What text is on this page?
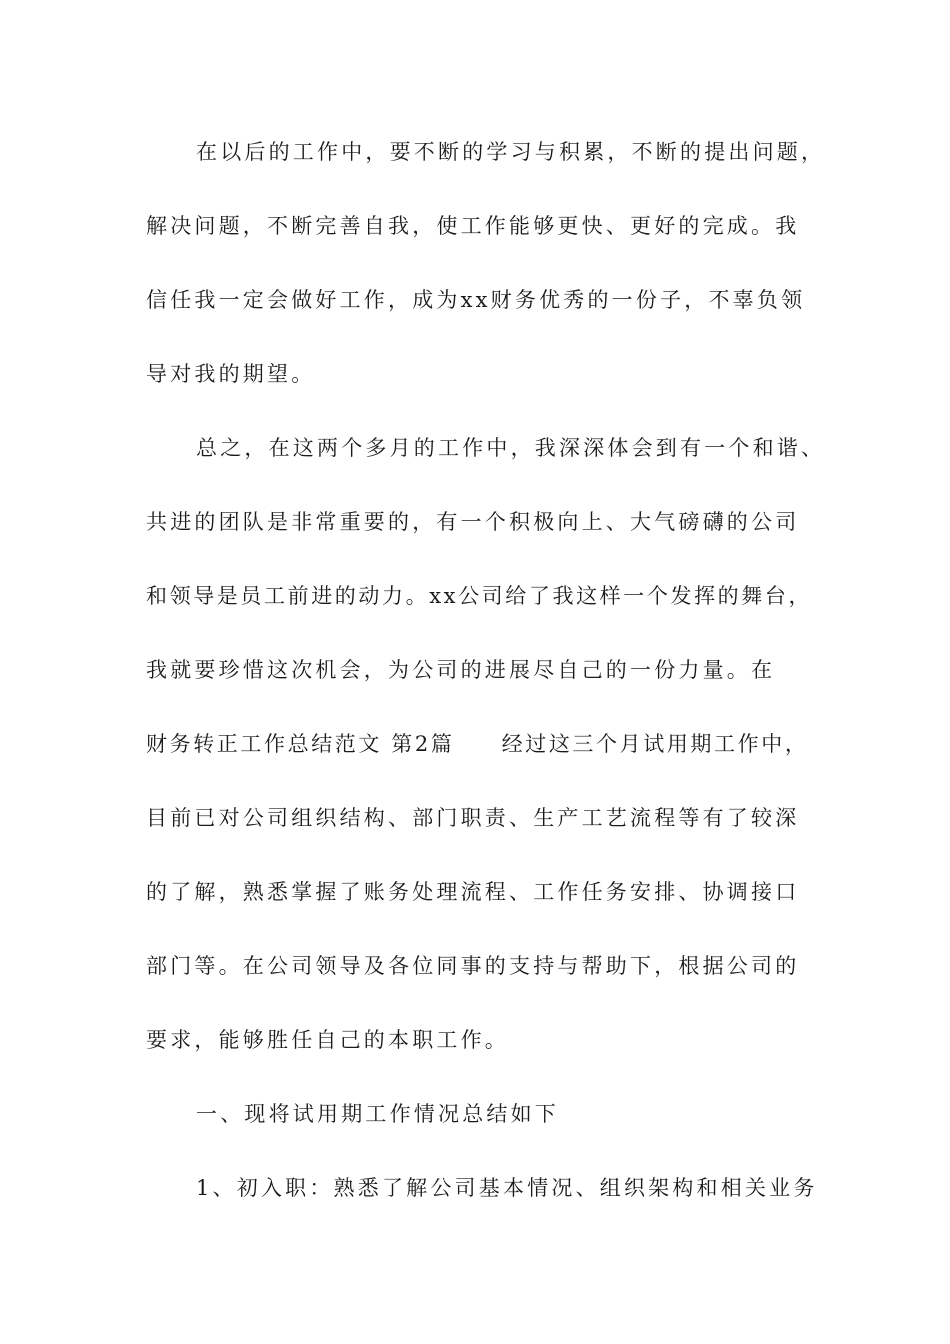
在以后的工作中，要不断的学习与积累，不断的提出问题，
解决问题，不断完善自我，使工作能够更快、更好的完成。我
信任我一定会做好工作，成为xx财务优秀的一份子，不辜负领
导对我的期望。
总之，在这两个多月的工作中，我深深体会到有一个和谐、
共进的团队是非常重要的，有一个积极向上、大气磅礴的公司
和领导是员工前进的动力。xx公司给了我这样一个发挥的舞台，
我就要珍惜这次机会，为公司的进展尽自己的一份力量。在
财务转正工作总结范文 第2篇　　经过这三个月试用期工作中，
目前已对公司组织结构、部门职责、生产工艺流程等有了较深
的了解，熟悉掌握了账务处理流程、工作任务安排、协调接口
部门等。在公司领导及各位同事的支持与帮助下，根据公司的
要求，能够胜任自己的本职工作。
一、现将试用期工作情况总结如下
1、初入职：熟悉了解公司基本情况、组织架构和相关业务
